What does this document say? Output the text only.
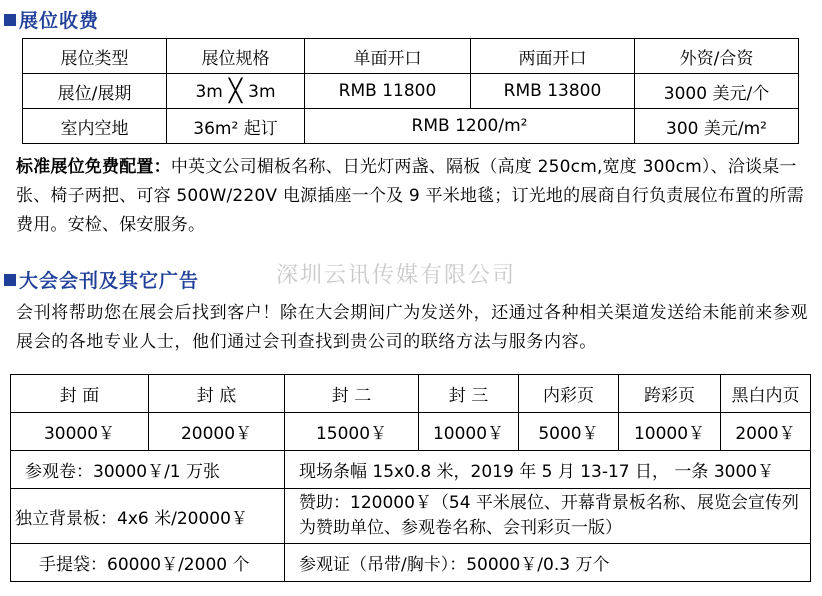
展位收费
展位类型	展位规格	单面开口	两面开口	外资/合资
展位/展期	3m ╳ 3m	RMB 11800	RMB 13800	3000 美元/个
室内空地	36m² 起订	RMB 1200/m²		300 美元/m²
标准展位免费配置：中英文公司楣板名称、日光灯两盏、隔板（高度 250cm,宽度 300cm）、洽谈桌一张、椅子两把、可容 500W/220V 电源插座一个及 9 平米地毯；订光地的展商自行负责展位布置的所需费用。安检、保安服务。
大会会刊及其它广告	深圳云讯传媒有限公司
会刊将帮助您在展会后找到客户！除在大会期间广为发送外，还通过各种相关渠道发送给未能前来参观展会的各地专业人士，他们通过会刊查找到贵公司的联络方法与服务内容。
封 面	封 底	封 二	封 三	内彩页	跨彩页	黑白内页
30000￥	20000￥	15000￥	10000￥	5000￥	10000￥	2000￥
参观卷：30000￥/1 万张		现场条幅 15x0.8 米，2019 年 5 月 13-17 日， 一条 3000￥				
独立背景板：4x6 米/20000￥		赞助：120000￥（54 平米展位、开幕背景板名称、展览会宣传列为赞助单位、参观卷名称、会刊彩页一版）				
手提袋：60000￥/2000 个		参观证（吊带/胸卡）：50000￥/0.3 万个				
